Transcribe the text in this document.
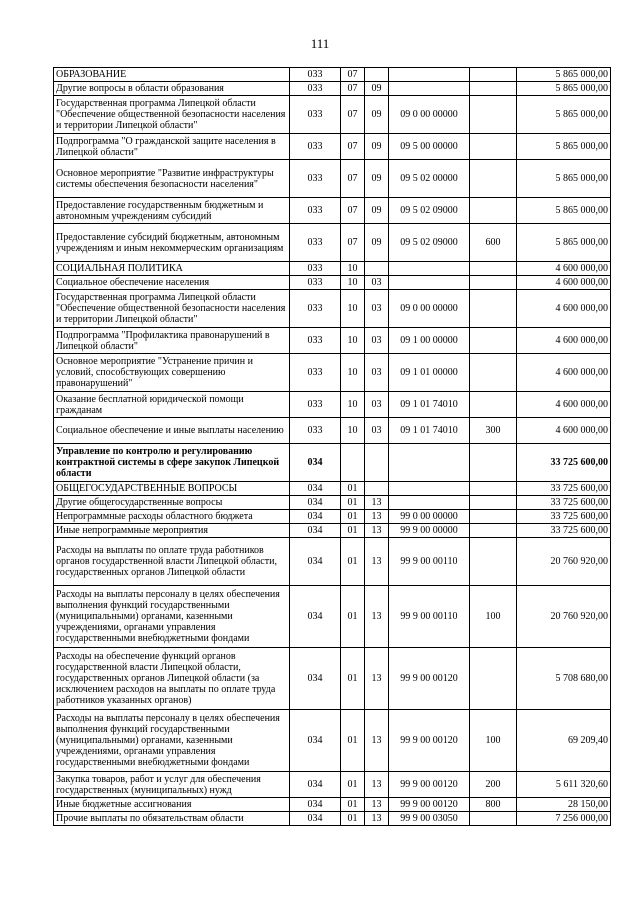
111
ОБРАЗОВАНИЕ	033	07				5 865 000,00
Другие вопросы в области образования	033	07	09			5 865 000,00
Государственная программа Липецкой области "Обеспечение общественной безопасности населения и территории Липецкой области"	033	07	09	09 0 00 00000		5 865 000,00
Подпрограмма "О гражданской защите населения в Липецкой области"	033	07	09	09 5 00 00000		5 865 000,00
Основное мероприятие "Развитие инфраструктуры системы обеспечения безопасности населения"	033	07	09	09 5 02 00000		5 865 000,00
Предоставление государственным бюджетным и автономным учреждениям субсидий	033	07	09	09 5 02 09000		5 865 000,00
Предоставление субсидий бюджетным, автономным учреждениям и иным некоммерческим организациям	033	07	09	09 5 02 09000	600	5 865 000,00
СОЦИАЛЬНАЯ ПОЛИТИКА	033	10				4 600 000,00
Социальное обеспечение населения	033	10	03			4 600 000,00
Государственная программа Липецкой области "Обеспечение общественной безопасности населения и территории Липецкой области"	033	10	03	09 0 00 00000		4 600 000,00
Подпрограмма "Профилактика правонарушений в Липецкой области"	033	10	03	09 1 00 00000		4 600 000,00
Основное мероприятие "Устранение причин и условий, способствующих совершению правонарушений"	033	10	03	09 1 01 00000		4 600 000,00
Оказание бесплатной юридической помощи гражданам	033	10	03	09 1 01 74010		4 600 000,00
Социальное обеспечение и иные выплаты населению	033	10	03	09 1 01 74010	300	4 600 000,00
Управление по контролю и регулированию контрактной системы в сфере закупок Липецкой области	034					33 725 600,00
ОБЩЕГОСУДАРСТВЕННЫЕ ВОПРОСЫ	034	01				33 725 600,00
Другие общегосударственные вопросы	034	01	13			33 725 600,00
Непрограммные расходы областного бюджета	034	01	13	99 0 00 00000		33 725 600,00
Иные непрограммные мероприятия	034	01	13	99 9 00 00000		33 725 600,00
Расходы на выплаты по оплате труда работников органов государственной власти Липецкой области, государственных органов Липецкой области	034	01	13	99 9 00 00110		20 760 920,00
Расходы на выплаты персоналу в целях обеспечения выполнения функций государственными (муниципальными) органами, казенными учреждениями, органами управления государственными внебюджетными фондами	034	01	13	99 9 00 00110	100	20 760 920,00
Расходы на обеспечение функций органов государственной власти Липецкой области, государственных органов Липецкой области (за исключением расходов на выплаты по оплате труда работников указанных органов)	034	01	13	99 9 00 00120		5 708 680,00
Расходы на выплаты персоналу в целях обеспечения выполнения функций государственными (муниципальными) органами, казенными учреждениями, органами управления государственными внебюджетными фондами	034	01	13	99 9 00 00120	100	69 209,40
Закупка товаров, работ и услуг для обеспечения государственных (муниципальных) нужд	034	01	13	99 9 00 00120	200	5 611 320,60
Иные бюджетные ассигнования	034	01	13	99 9 00 00120	800	28 150,00
Прочие выплаты по обязательствам области	034	01	13	99 9 00 03050		7 256 000,00
